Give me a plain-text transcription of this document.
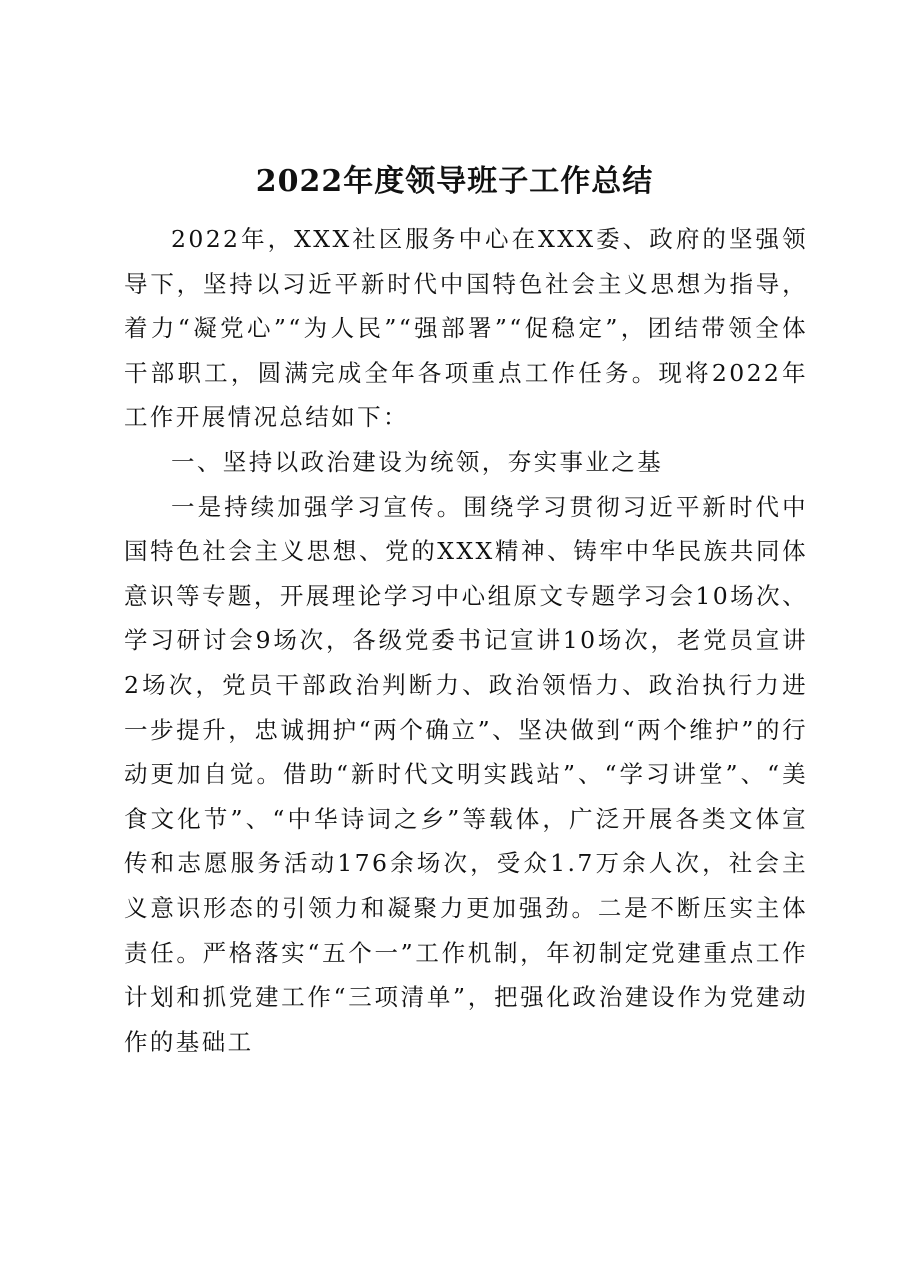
2022年度领导班子工作总结

2022年，XXX社区服务中心在XXX委、政府的坚强领导下，坚持以习近平新时代中国特色社会主义思想为指导，着力“凝党心”“为人民”“强部署”“促稳定”，团结带领全体干部职工，圆满完成全年各项重点工作任务。现将2022年工作开展情况总结如下：

一、坚持以政治建设为统领，夯实事业之基

一是持续加强学习宣传。围绕学习贯彻习近平新时代中国特色社会主义思想、党的XXX精神、铸牢中华民族共同体意识等专题，开展理论学习中心组原文专题学习会10场次、学习研讨会9场次，各级党委书记宣讲10场次，老党员宣讲2场次，党员干部政治判断力、政治领悟力、政治执行力进一步提升，忠诚拥护“两个确立”、坚决做到“两个维护”的行动更加自觉。借助“新时代文明实践站”、“学习讲堂”、“美食文化节”、“中华诗词之乡”等载体，广泛开展各类文体宣传和志愿服务活动176余场次，受众1.7万余人次，社会主义意识形态的引领力和凝聚力更加强劲。二是不断压实主体责任。严格落实“五个一”工作机制，年初制定党建重点工作计划和抓党建工作“三项清单”，把强化政治建设作为党建动作的基础工
